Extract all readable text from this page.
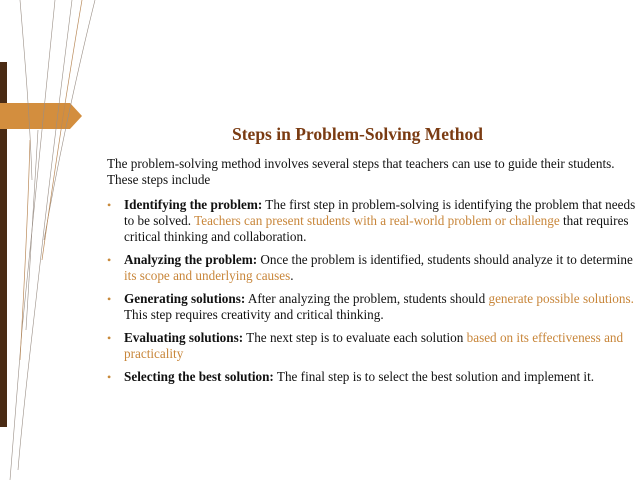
Steps in Problem-Solving Method
The problem-solving method involves several steps that teachers can use to guide their students. These steps include
• Identifying the problem: The first step in problem-solving is identifying the problem that needs to be solved. Teachers can present students with a real-world problem or challenge that requires critical thinking and collaboration.
• Analyzing the problem: Once the problem is identified, students should analyze it to determine its scope and underlying causes.
• Generating solutions: After analyzing the problem, students should generate possible solutions. This step requires creativity and critical thinking.
• Evaluating solutions: The next step is to evaluate each solution based on its effectiveness and practicality
• Selecting the best solution: The final step is to select the best solution and implement it.
